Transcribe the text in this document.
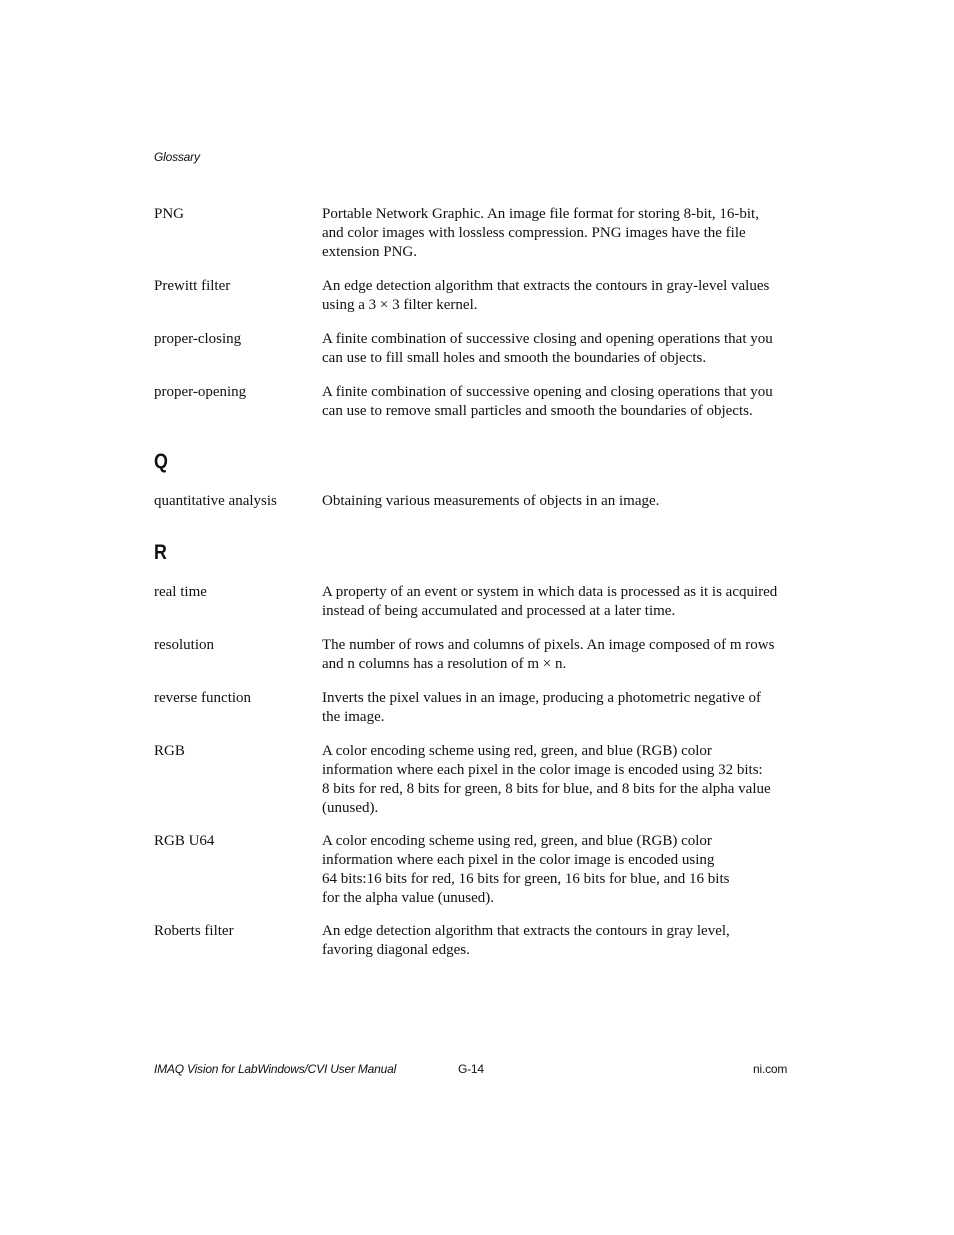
Glossary
PNG	Portable Network Graphic. An image file format for storing 8-bit, 16-bit,
and color images with lossless compression. PNG images have the file
extension PNG.
Prewitt filter	An edge detection algorithm that extracts the contours in gray-level values
using a 3 × 3 filter kernel.
proper-closing	A finite combination of successive closing and opening operations that you
can use to fill small holes and smooth the boundaries of objects.
proper-opening	A finite combination of successive opening and closing operations that you
can use to remove small particles and smooth the boundaries of objects.
Q
quantitative analysis	Obtaining various measurements of objects in an image.
R
real time	A property of an event or system in which data is processed as it is acquired
instead of being accumulated and processed at a later time.
resolution	The number of rows and columns of pixels. An image composed of m rows
and n columns has a resolution of m × n.
reverse function	Inverts the pixel values in an image, producing a photometric negative of
the image.
RGB	A color encoding scheme using red, green, and blue (RGB) color
information where each pixel in the color image is encoded using 32 bits:
8 bits for red, 8 bits for green, 8 bits for blue, and 8 bits for the alpha value
(unused).
RGB U64	A color encoding scheme using red, green, and blue (RGB) color
information where each pixel in the color image is encoded using
64 bits:16 bits for red, 16 bits for green, 16 bits for blue, and 16 bits
for the alpha value (unused).
Roberts filter	An edge detection algorithm that extracts the contours in gray level,
favoring diagonal edges.
IMAQ Vision for LabWindows/CVI User Manual	G-14	ni.com
